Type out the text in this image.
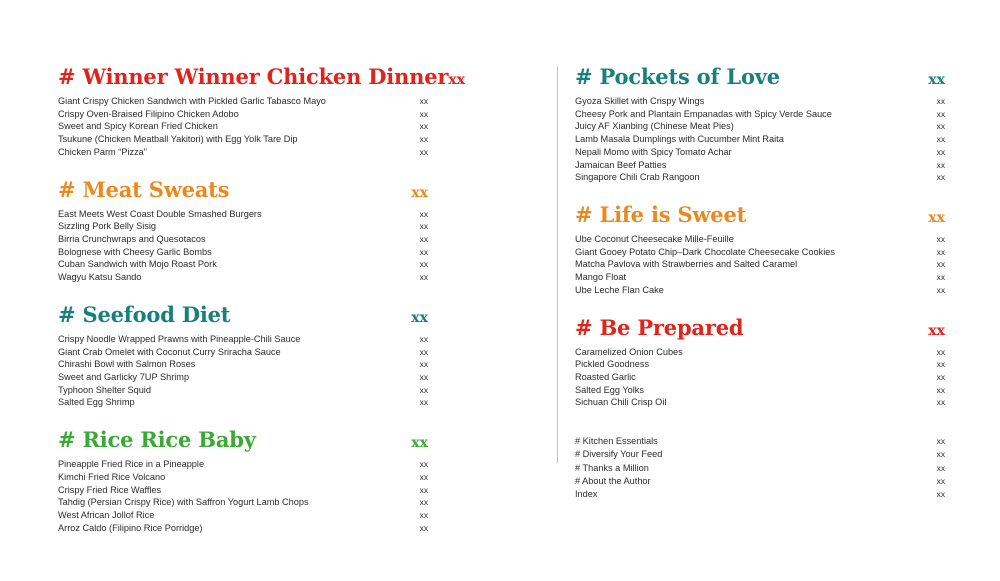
# Winner Winner Chicken Dinner xx
Giant Crispy Chicken Sandwich with Pickled Garlic Tabasco Mayo	xx
Crispy Oven-Braised Filipino Chicken Adobo	xx
Sweet and Spicy Korean Fried Chicken	xx
Tsukune (Chicken Meatball Yakitori) with Egg Yolk Tare Dip	xx
Chicken Parm “Pizza”	xx
# Meat Sweats	xx
East Meets West Coast Double Smashed Burgers	xx
Sizzling Pork Belly Sisig	xx
Birria Crunchwraps and Quesotacos	xx
Bolognese with Cheesy Garlic Bombs	xx
Cuban Sandwich with Mojo Roast Pork	xx
Wagyu Katsu Sando	xx
# Seefood Diet	xx
Crispy Noodle Wrapped Prawns with Pineapple-Chili Sauce	xx
Giant Crab Omelet with Coconut Curry Sriracha Sauce	xx
Chirashi Bowl with Salmon Roses	xx
Sweet and Garlicky 7UP Shrimp	xx
Typhoon Shelter Squid	xx
Salted Egg Shrimp	xx
# Rice Rice Baby	xx
Pineapple Fried Rice in a Pineapple	xx
Kimchi Fried Rice Volcano	xx
Crispy Fried Rice Waffles	xx
Tahdig (Persian Crispy Rice) with Saffron Yogurt Lamb Chops	xx
West African Jollof Rice	xx
Arroz Caldo (Filipino Rice Porridge)	xx
# Pockets of Love	xx
Gyoza Skillet with Crispy Wings	xx
Cheesy Pork and Plantain Empanadas with Spicy Verde Sauce	xx
Juicy AF Xianbing (Chinese Meat Pies)	xx
Lamb Masala Dumplings with Cucumber Mint Raita	xx
Nepali Momo with Spicy Tomato Achar	xx
Jamaican Beef Patties	xx
Singapore Chili Crab Rangoon	xx
# Life is Sweet	xx
Ube Coconut Cheesecake Mille-Feuille	xx
Giant Gooey Potato Chip–Dark Chocolate Cheesecake Cookies	xx
Matcha Pavlova with Strawberries and Salted Caramel	xx
Mango Float	xx
Ube Leche Flan Cake	xx
# Be Prepared	xx
Caramelized Onion Cubes	xx
Pickled Goodness	xx
Roasted Garlic	xx
Salted Egg Yolks	xx
Sichuan Chili Crisp Oil	xx
# Kitchen Essentials	xx
# Diversify Your Feed	xx
# Thanks a Million	xx
# About the Author	xx
Index	xx
